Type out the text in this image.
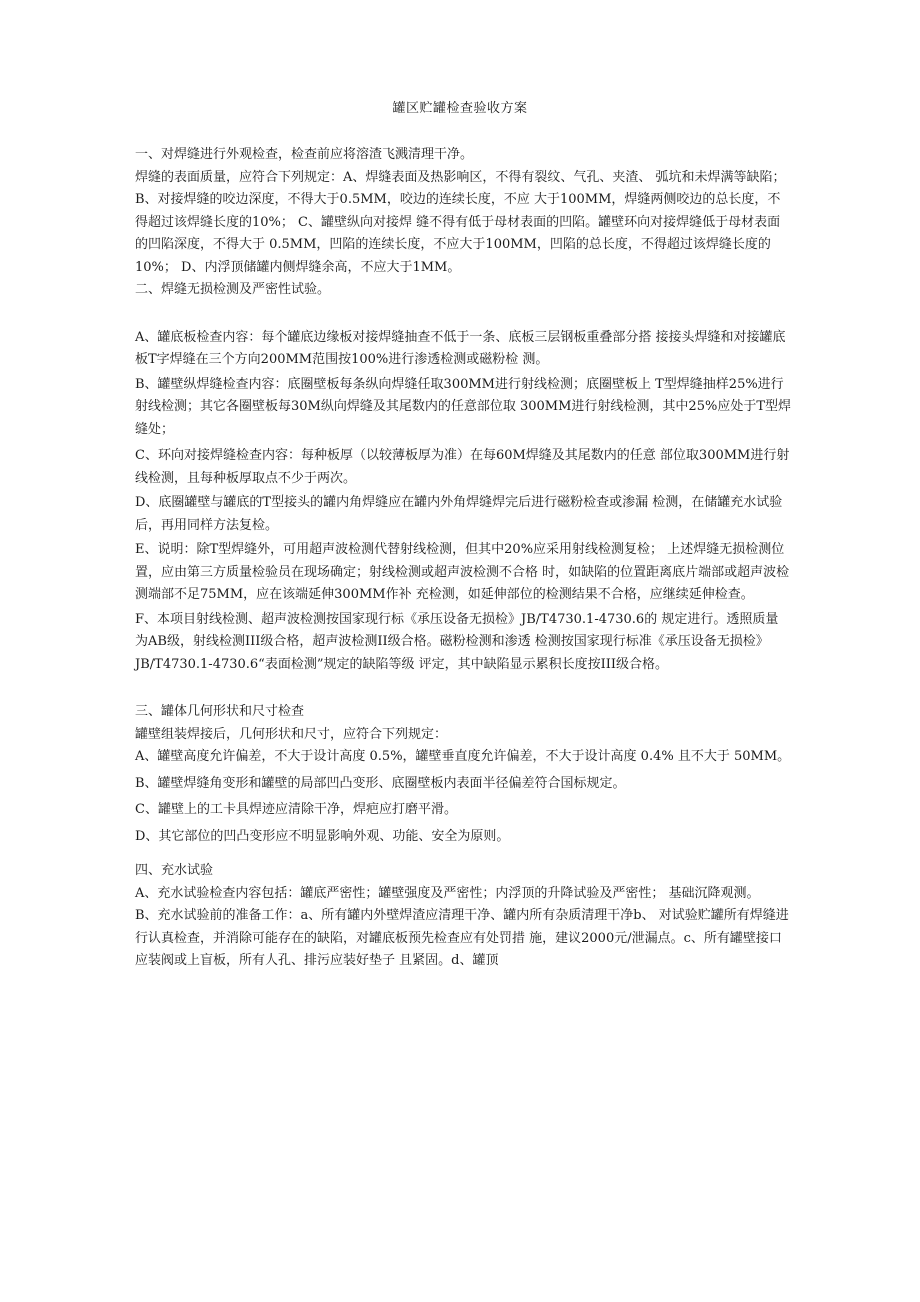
罐区贮罐检查验收方案

一、对焊缝进行外观检查，检查前应将溶渣飞溅清理干净。

焊缝的表面质量，应符合下列规定：A、焊缝表面及热影响区，不得有裂纹、气孔、夹渣、 弧坑和未焊满等缺陷；B、对接焊缝的咬边深度，不得大于0.5MM，咬边的连续长度，不应 大于100MM，焊缝两侧咬边的总长度，不得超过该焊缝长度的10%； C、罐壁纵向对接焊 缝不得有低于母材表面的凹陷。罐壁环向对接焊缝低于母材表面的凹陷深度，不得大于 0.5MM，凹陷的连续长度，不应大于100MM，凹陷的总长度，不得超过该焊缝长度的10%； D、内浮顶储罐内侧焊缝余高，不应大于1MM。

二、焊缝无损检测及严密性试验。

A、罐底板检查内容：每个罐底边缘板对接焊缝抽查不低于一条、底板三层钢板重叠部分搭 接接头焊缝和对接罐底板T字焊缝在三个方向200MM范围按100%进行渗透检测或磁粉检 测。

B、罐壁纵焊缝检查内容：底圈壁板每条纵向焊缝任取300MM进行射线检测；底圈壁板上 T型焊缝抽样25%进行射线检测；其它各圈壁板每30M纵向焊缝及其尾数内的任意部位取 300MM进行射线检测，其中25%应处于T型焊缝处；

C、环向对接焊缝检查内容：每种板厚（以较薄板厚为准）在每60M焊缝及其尾数内的任意 部位取300MM进行射线检测，且每种板厚取点不少于两次。

D、底圈罐壁与罐底的T型接头的罐内角焊缝应在罐内外角焊缝焊完后进行磁粉检查或渗漏 检测，在储罐充水试验后，再用同样方法复检。

E、说明：除T型焊缝外，可用超声波检测代替射线检测，但其中20%应采用射线检测复检； 上述焊缝无损检测位置，应由第三方质量检验员在现场确定；射线检测或超声波检测不合格 时，如缺陷的位置距离底片端部或超声波检测端部不足75MM，应在该端延伸300MM作补 充检测，如延伸部位的检测结果不合格，应继续延伸检查。

F、本项目射线检测、超声波检测按国家现行标《承压设备无损检》JB/T4730.1-4730.6的 规定进行。透照质量为AB级，射线检测III级合格，超声波检测II级合格。磁粉检测和渗透 检测按国家现行标准《承压设备无损检》JB/T4730.1-4730.6“表面检测”规定的缺陷等级 评定，其中缺陷显示累积长度按III级合格。

三、罐体几何形状和尺寸检查

罐壁组装焊接后，几何形状和尺寸，应符合下列规定：

A、罐壁高度允许偏差，不大于设计高度 0.5%，罐壁垂直度允许偏差，不大于设计高度 0.4% 且不大于 50MM。

B、罐壁焊缝角变形和罐壁的局部凹凸变形、底圈壁板内表面半径偏差符合国标规定。

C、罐壁上的工卡具焊迹应清除干净，焊疤应打磨平滑。

D、其它部位的凹凸变形应不明显影响外观、功能、安全为原则。

四、充水试验

A、充水试验检查内容包括：罐底严密性；罐壁强度及严密性；内浮顶的升降试验及严密性； 基础沉降观测。

B、充水试验前的准备工作：a、所有罐内外壁焊渣应清理干净、罐内所有杂质清理干净b、 对试验贮罐所有焊缝进行认真检查，并消除可能存在的缺陷，对罐底板预先检查应有处罚措 施，建议2000元/泄漏点。c、所有罐壁接口应装阀或上盲板，所有人孔、排污应装好垫子 且紧固。d、罐顶
